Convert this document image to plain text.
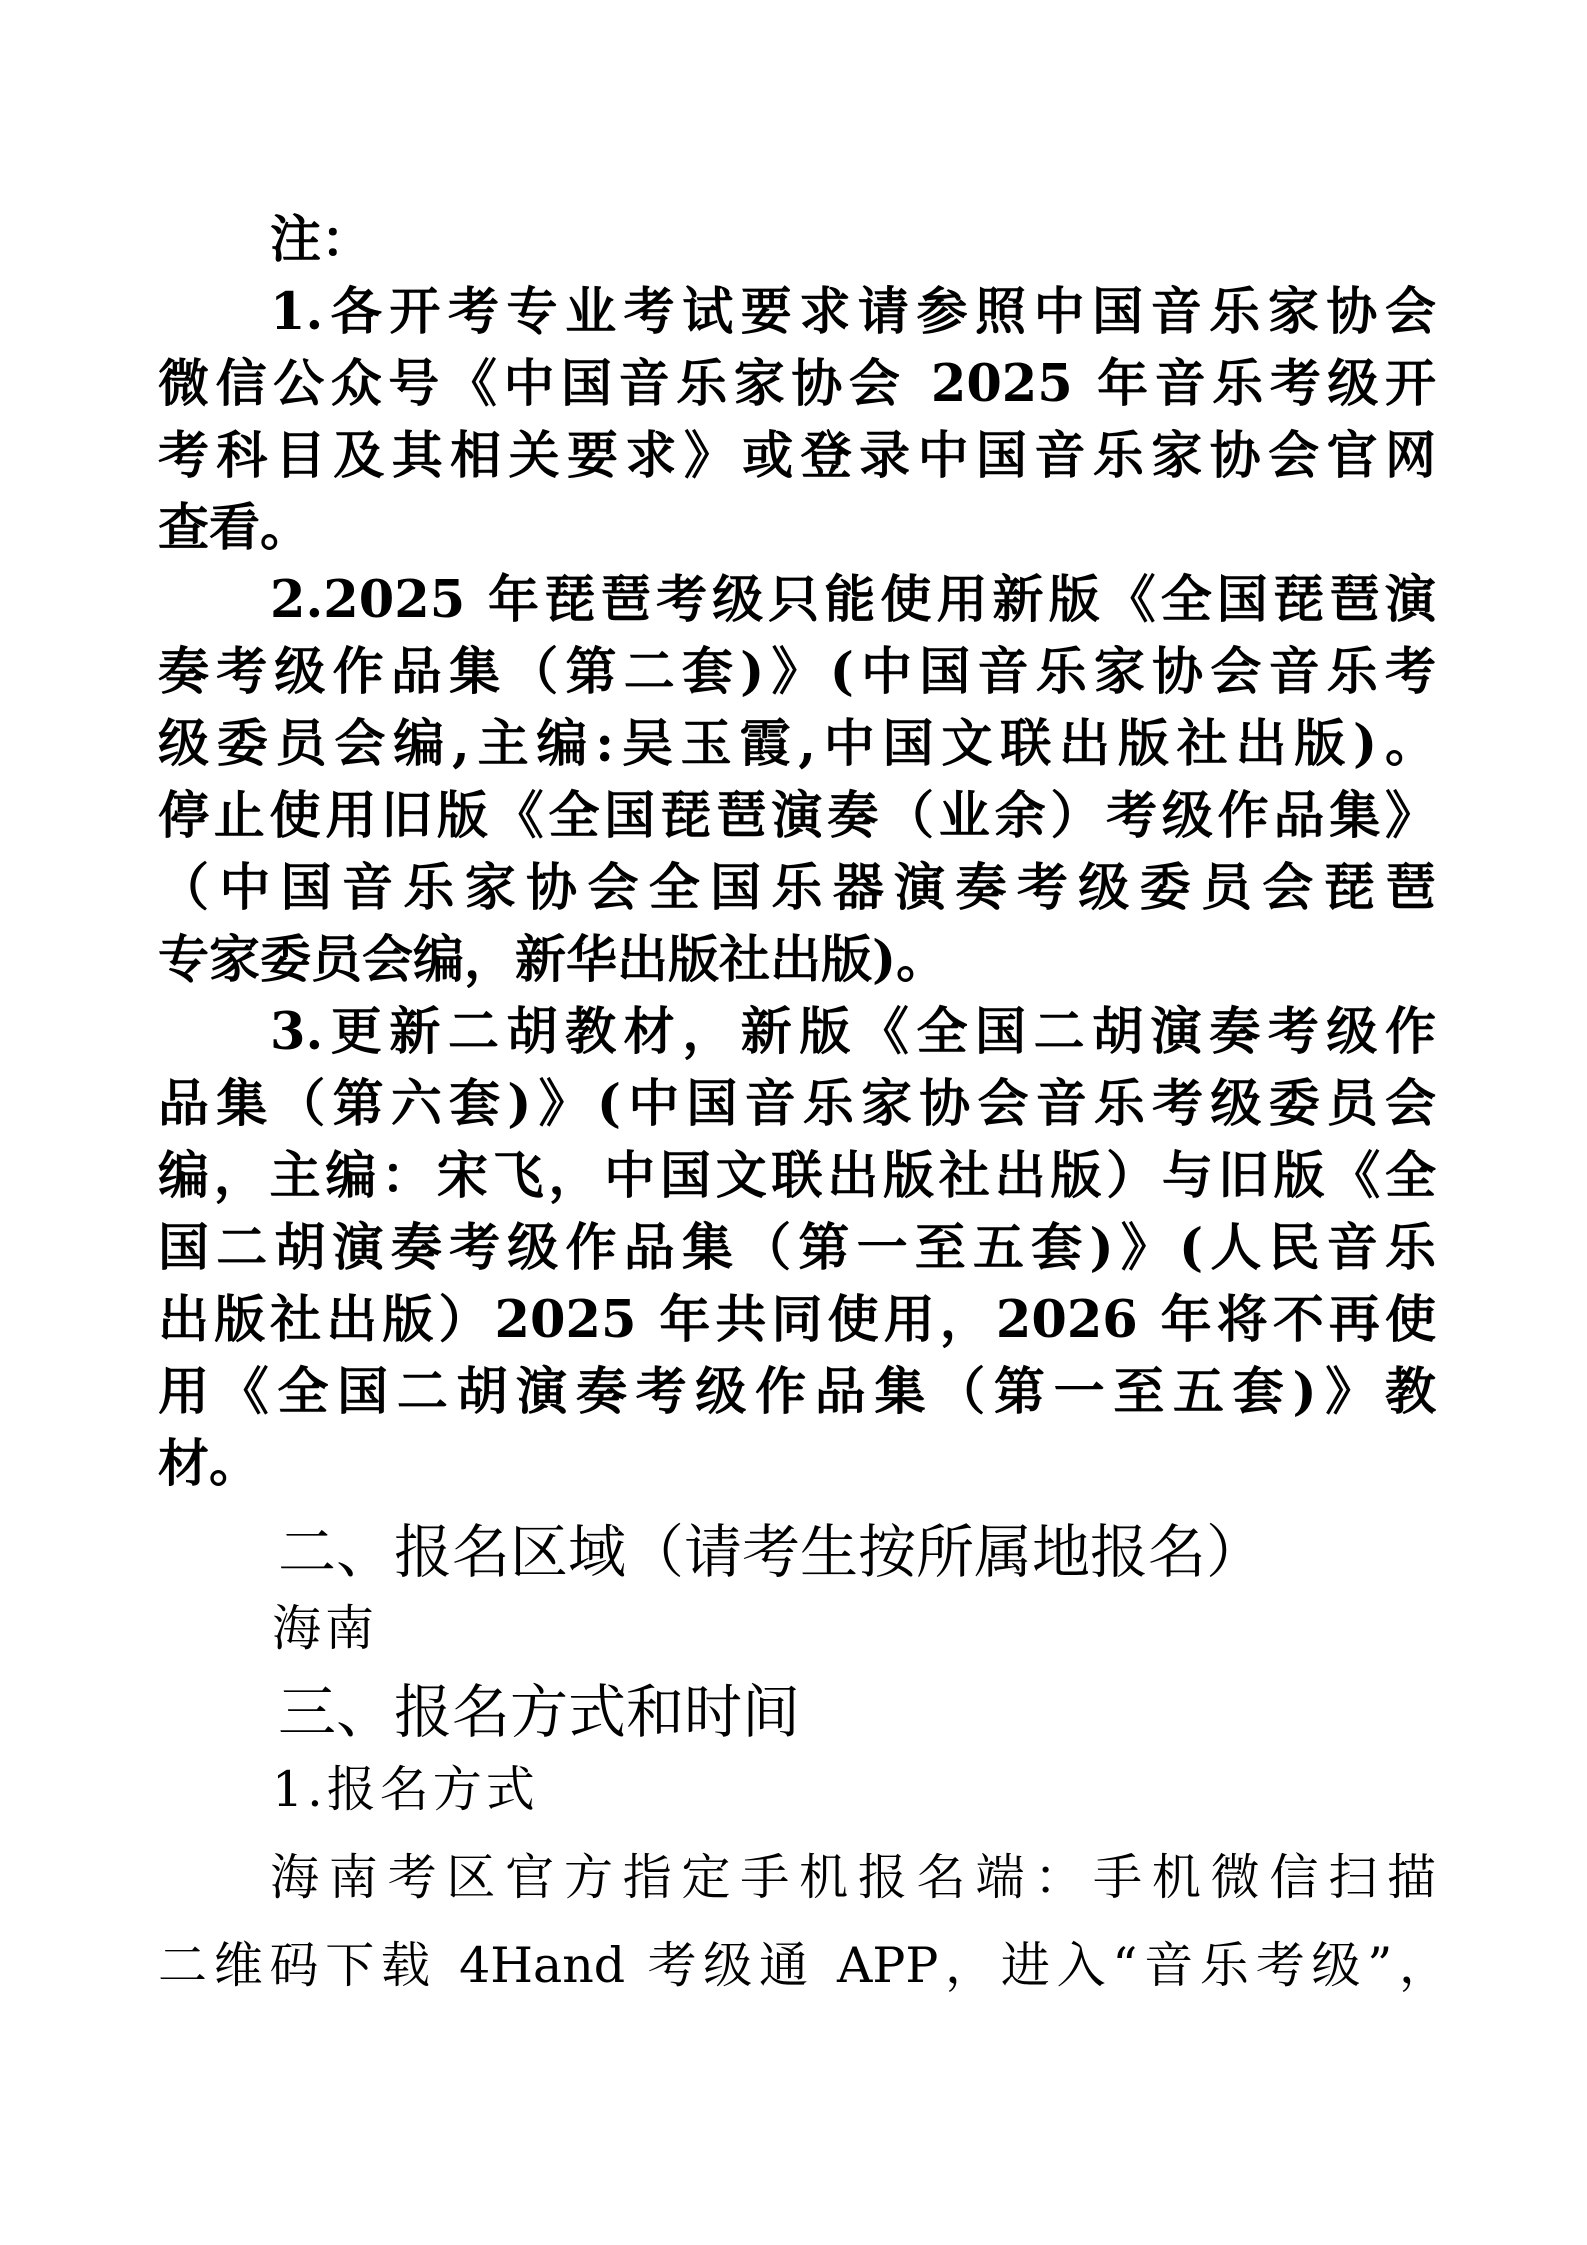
注：
1.各开考专业考试要求请参照中国音乐家协会
微信公众号《中国音乐家协会 2025 年音乐考级开
考科目及其相关要求》或登录中国音乐家协会官网
查看。
2.2025 年琵琶考级只能使用新版《全国琵琶演
奏考级作品集（第二套)》(中国音乐家协会音乐考
级委员会编,主编:吴玉霞,中国文联出版社出版)。
停止使用旧版《全国琵琶演奏（业余）考级作品集》
（中国音乐家协会全国乐器演奏考级委员会琵琶
专家委员会编，新华出版社出版)。
3.更新二胡教材，新版《全国二胡演奏考级作
品集（第六套)》(中国音乐家协会音乐考级委员会
编，主编：宋飞，中国文联出版社出版）与旧版《全
国二胡演奏考级作品集（第一至五套)》(人民音乐
出版社出版）2025 年共同使用，2026 年将不再使
用《全国二胡演奏考级作品集（第一至五套)》教
材。
二、报名区域（请考生按所属地报名）
海南
三、报名方式和时间
1.报名方式
海南考区官方指定手机报名端：手机微信扫描
二维码下载 4Hand 考级通 APP，进入“音乐考级”，
